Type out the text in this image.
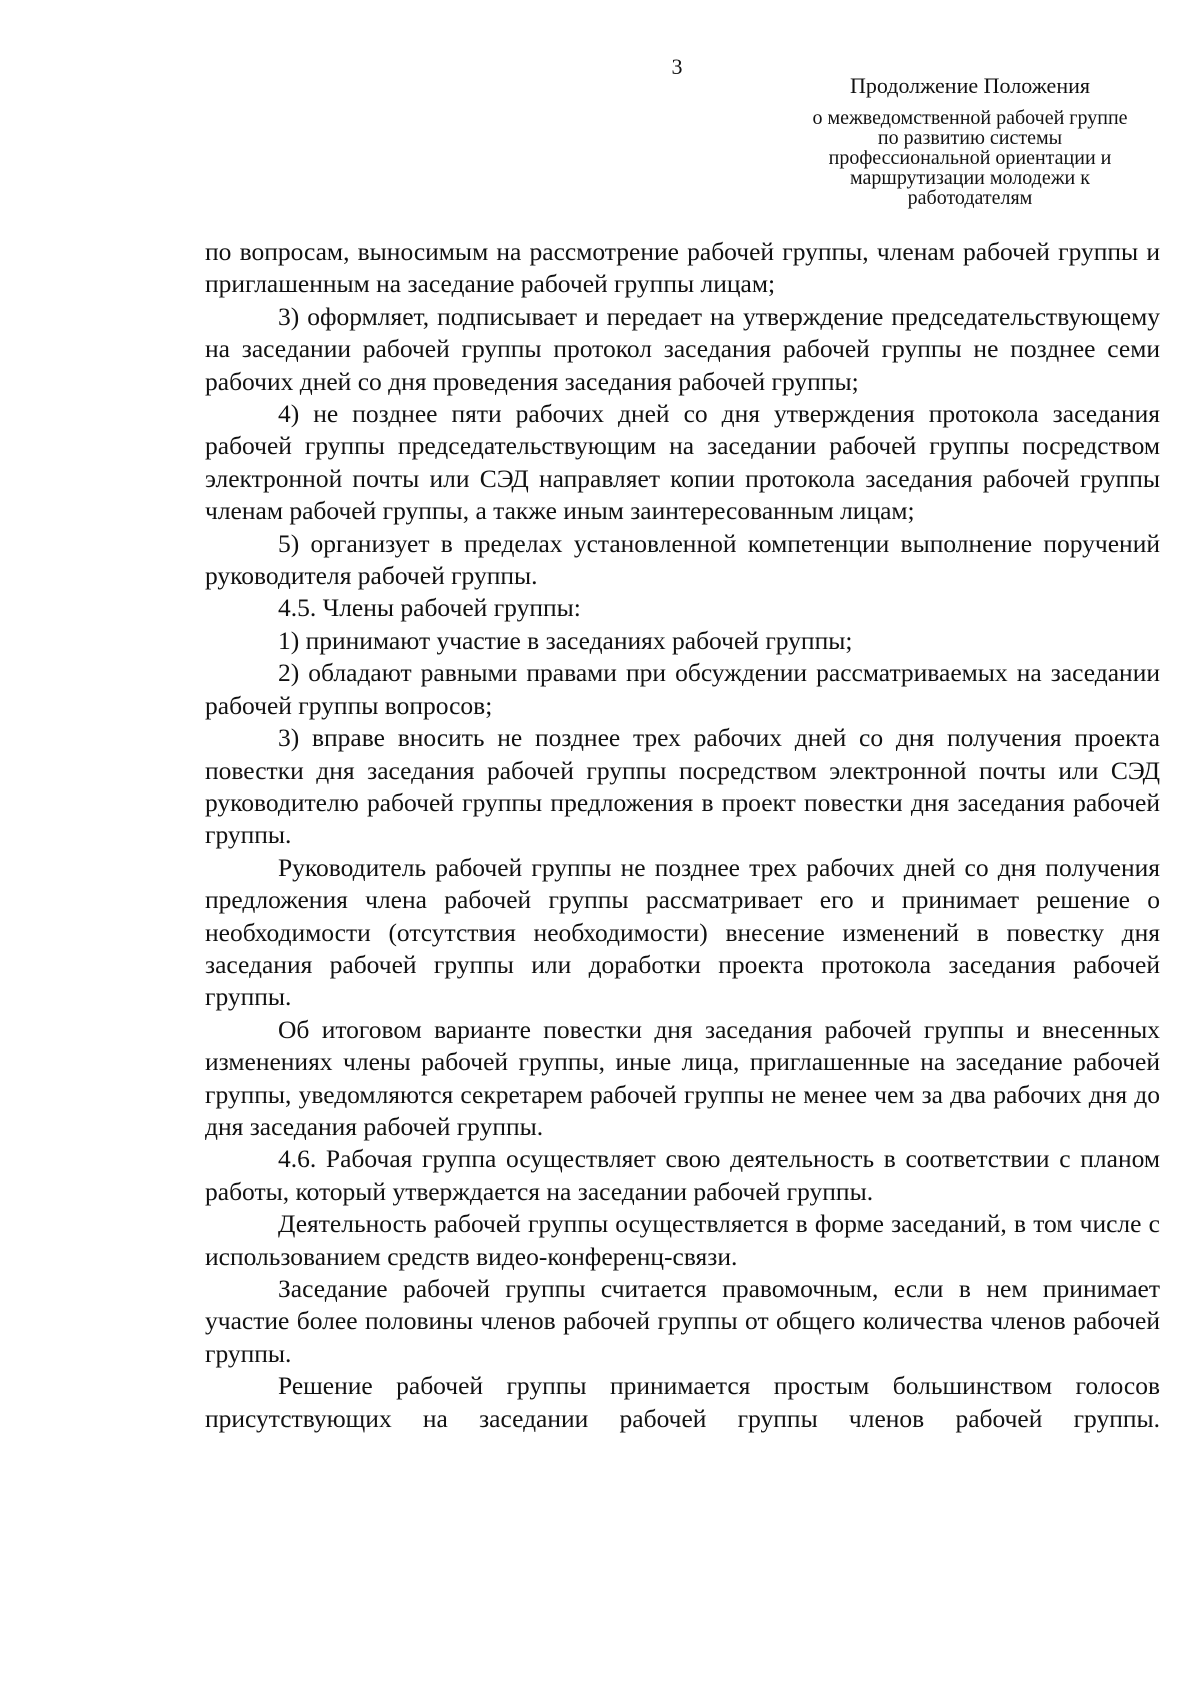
3
Продолжение Положения
о межведомственной рабочей группе
по развитию системы
профессиональной ориентации и
маршрутизации молодежи к
работодателям

по вопросам, выносимым на рассмотрение рабочей группы, членам рабочей группы и приглашенным на заседание рабочей группы лицам;

3) оформляет, подписывает и передает на утверждение председательствующему на заседании рабочей группы протокол заседания рабочей группы не позднее семи рабочих дней со дня проведения заседания рабочей группы;

4) не позднее пяти рабочих дней со дня утверждения протокола заседания рабочей группы председательствующим на заседании рабочей группы посредством электронной почты или СЭД направляет копии протокола заседания рабочей группы членам рабочей группы, а также иным заинтересованным лицам;

5) организует в пределах установленной компетенции выполнение поручений руководителя рабочей группы.

4.5. Члены рабочей группы:

1) принимают участие в заседаниях рабочей группы;

2) обладают равными правами при обсуждении рассматриваемых на заседании рабочей группы вопросов;

3) вправе вносить не позднее трех рабочих дней со дня получения проекта повестки дня заседания рабочей группы посредством электронной почты или СЭД руководителю рабочей группы предложения в проект повестки дня заседания рабочей группы.

Руководитель рабочей группы не позднее трех рабочих дней со дня получения предложения члена рабочей группы рассматривает его и принимает решение о необходимости (отсутствия необходимости) внесение изменений в повестку дня заседания рабочей группы или доработки проекта протокола заседания рабочей группы.

Об итоговом варианте повестки дня заседания рабочей группы и внесенных изменениях члены рабочей группы, иные лица, приглашенные на заседание рабочей группы, уведомляются секретарем рабочей группы не менее чем за два рабочих дня до дня заседания рабочей группы.

4.6. Рабочая группа осуществляет свою деятельность в соответствии с планом работы, который утверждается на заседании рабочей группы.

Деятельность рабочей группы осуществляется в форме заседаний, в том числе с использованием средств видео-конференц-связи.

Заседание рабочей группы считается правомочным, если в нем принимает участие более половины членов рабочей группы от общего количества членов рабочей группы.

Решение рабочей группы принимается простым большинством голосов присутствующих на заседании рабочей группы членов рабочей группы.
